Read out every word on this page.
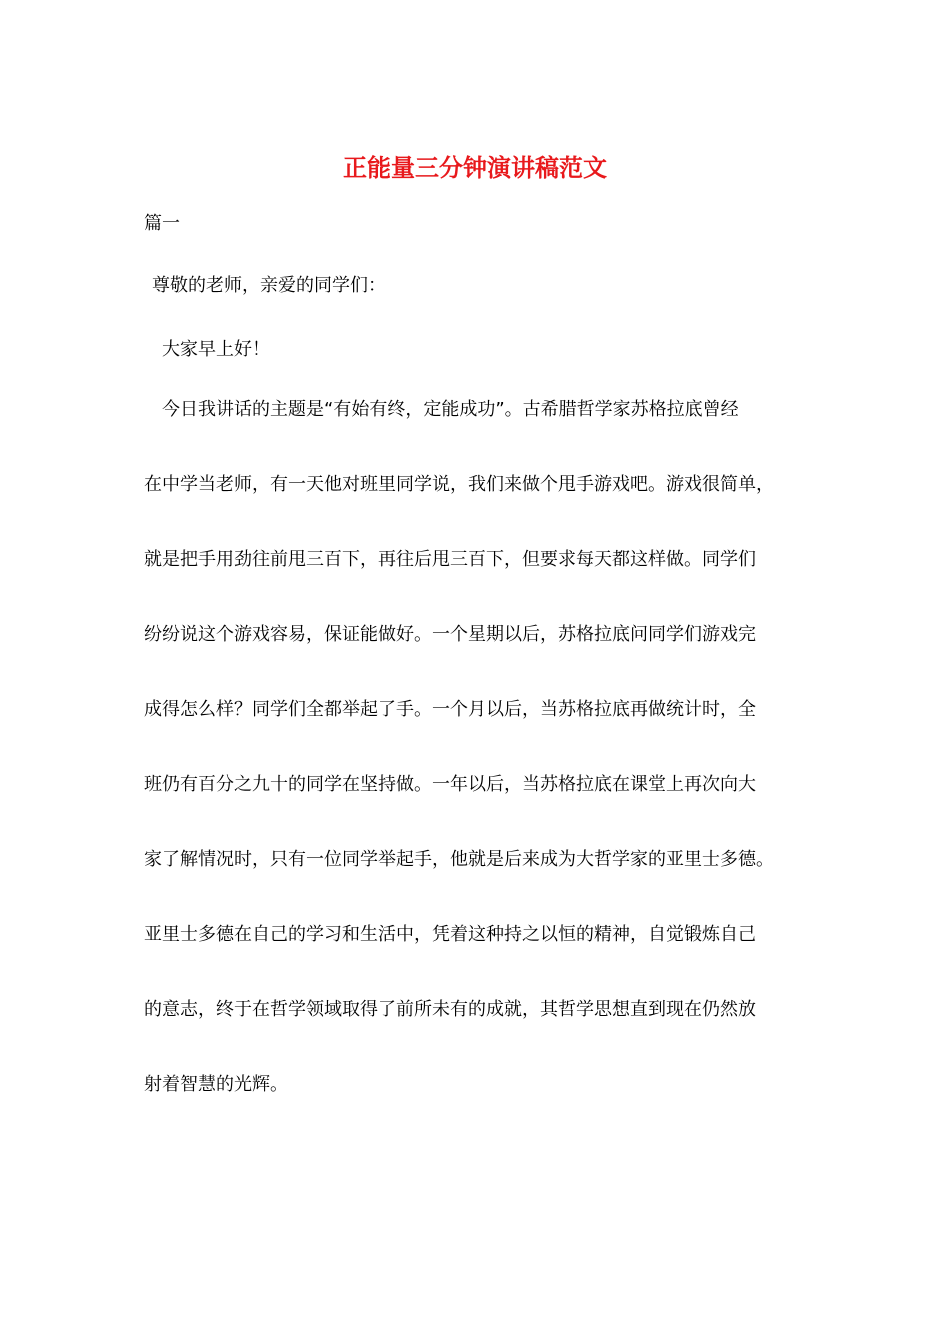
正能量三分钟演讲稿范文
篇一
尊敬的老师，亲爱的同学们：
大家早上好！
今日我讲话的主题是“有始有终，定能成功”。古希腊哲学家苏格拉底曾经
在中学当老师，有一天他对班里同学说，我们来做个甩手游戏吧。游戏很简单，
就是把手用劲往前甩三百下，再往后甩三百下，但要求每天都这样做。同学们
纷纷说这个游戏容易，保证能做好。一个星期以后，苏格拉底问同学们游戏完
成得怎么样？同学们全都举起了手。一个月以后，当苏格拉底再做统计时，全
班仍有百分之九十的同学在坚持做。一年以后，当苏格拉底在课堂上再次向大
家了解情况时，只有一位同学举起手，他就是后来成为大哲学家的亚里士多德。
亚里士多德在自己的学习和生活中，凭着这种持之以恒的精神，自觉锻炼自己
的意志，终于在哲学领域取得了前所未有的成就，其哲学思想直到现在仍然放
射着智慧的光辉。
